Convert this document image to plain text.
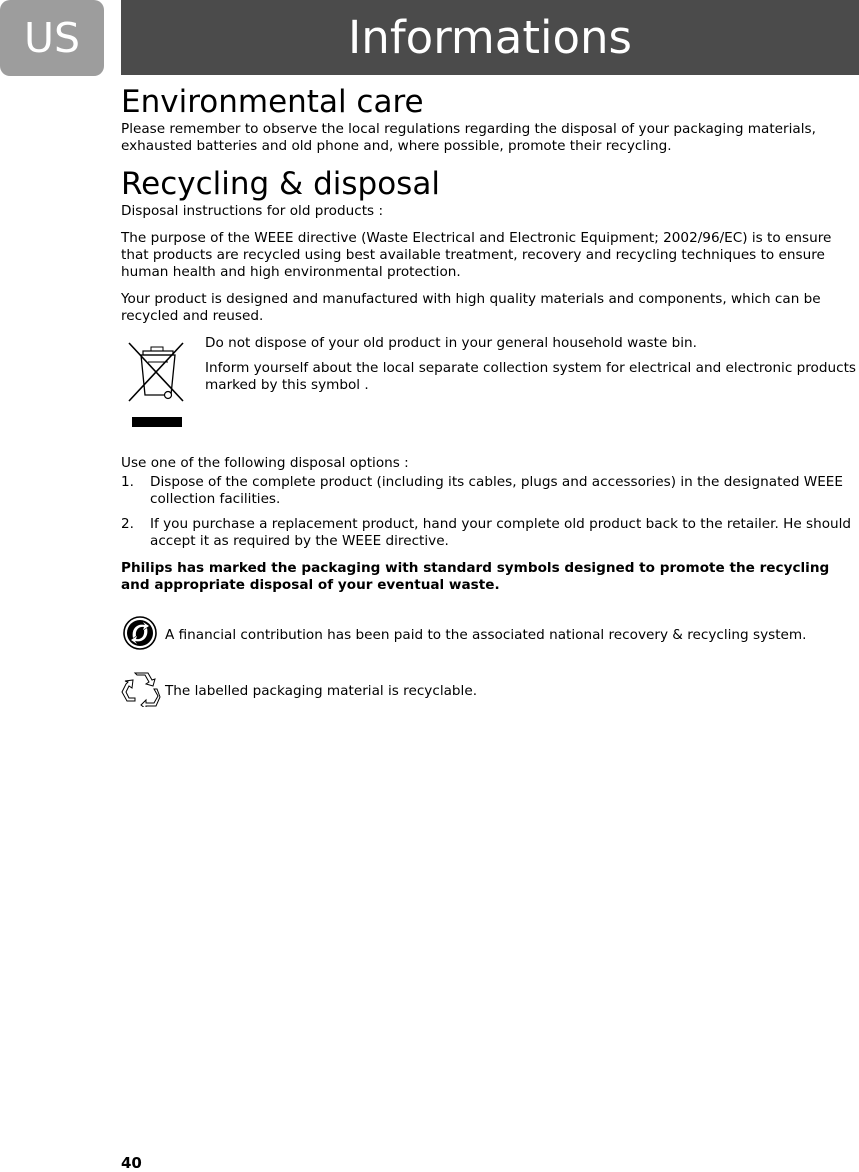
US	Informations
Environmental care

Please remember to observe the local regulations regarding the disposal of your packaging materials, exhausted batteries and old phone and, where possible, promote their recycling.

Recycling & disposal

Disposal instructions for old products :

The purpose of the WEEE directive (Waste Electrical and Electronic Equipment; 2002/96/EC) is to ensure that products are recycled using best available treatment, recovery and recycling techniques to ensure human health and high environmental protection.

Your product is designed and manufactured with high quality materials and components, which can be recycled and reused.

Do not dispose of your old product in your general household waste bin.

Inform yourself about the local separate collection system for electrical and electronic products marked by this symbol .

Use one of the following disposal options :

1.	Dispose of the complete product (including its cables, plugs and accessories) in the designated WEEE collection facilities.
2.	If you purchase a replacement product, hand your complete old product back to the retailer. He should accept it as required by the WEEE directive.

Philips has marked the packaging with standard symbols designed to promote the recycling and appropriate disposal of your eventual waste.

A financial contribution has been paid to the associated national recovery & recycling system.
The labelled packaging material is recyclable.
40
